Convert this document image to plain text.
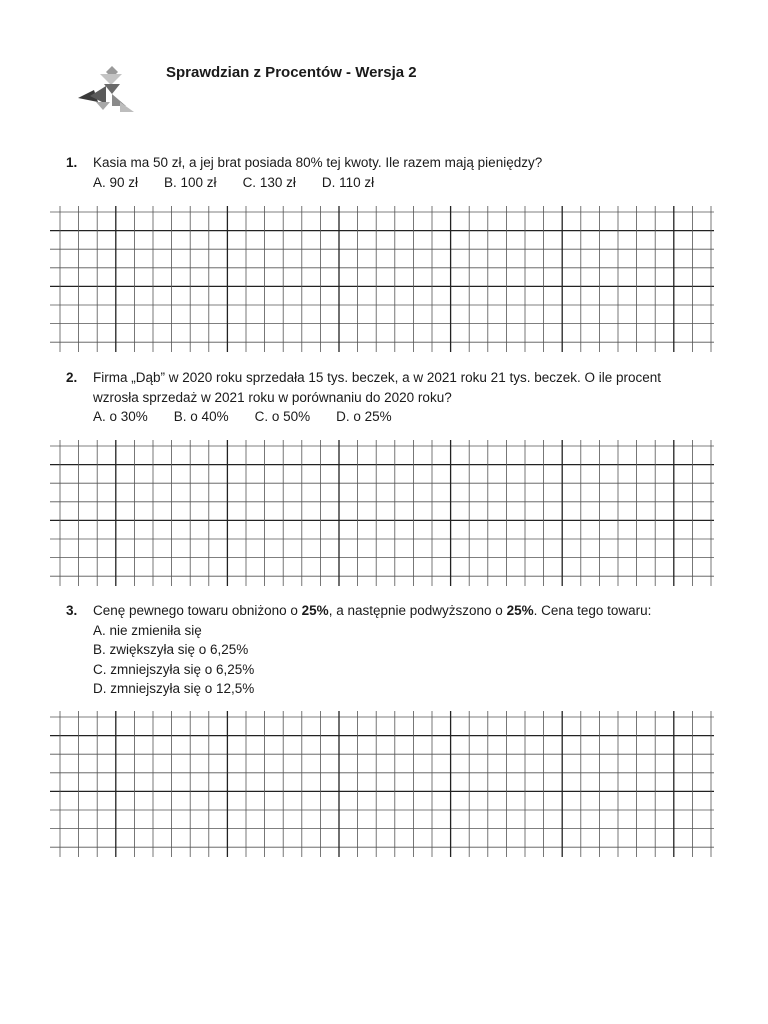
Sprawdzian z Procentów - Wersja 2
1. Kasia ma 50 zł, a jej brat posiada 80% tej kwoty. Ile razem mają pieniędzy?
A. 90 zł B. 100 zł C. 130 zł D. 110 zł
2. Firma „Dąb” w 2020 roku sprzedała 15 tys. beczek, a w 2021 roku 21 tys. beczek. O ile procent
wzrosła sprzedaż w 2021 roku w porównaniu do 2020 roku?
A. o 30% B. o 40% C. o 50% D. o 25%
3. Cenę pewnego towaru obniżono o 25%, a następnie podwyższono o 25%. Cena tego towaru:
A. nie zmieniła się
B. zwiększyła się o 6,25%
C. zmniejszyła się o 6,25%
D. zmniejszyła się o 12,5%
